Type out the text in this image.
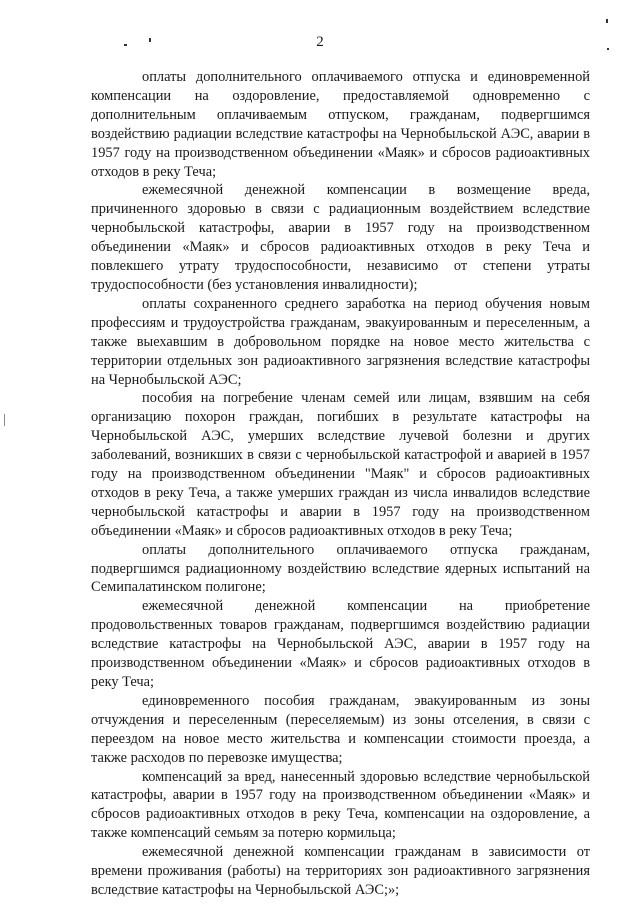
2

оплаты дополнительного оплачиваемого отпуска и единовременной компенсации на оздоровление, предоставляемой одновременно с дополнительным оплачиваемым отпуском, гражданам, подвергшимся воздействию радиации вследствие катастрофы на Чернобыльской АЭС, аварии в 1957 году на производственном объединении «Маяк» и сбросов радиоактивных отходов в реку Теча;

ежемесячной денежной компенсации в возмещение вреда, причиненного здоровью в связи с радиационным воздействием вследствие чернобыльской катастрофы, аварии в 1957 году на производственном объединении «Маяк» и сбросов радиоактивных отходов в реку Теча и повлекшего утрату трудоспособности, независимо от степени утраты трудоспособности (без установления инвалидности);

оплаты сохраненного среднего заработка на период обучения новым профессиям и трудоустройства гражданам, эвакуированным и переселенным, а также выехавшим в добровольном порядке на новое место жительства с территории отдельных зон радиоактивного загрязнения вследствие катастрофы на Чернобыльской АЭС;

пособия на погребение членам семей или лицам, взявшим на себя организацию похорон граждан, погибших в результате катастрофы на Чернобыльской АЭС, умерших вследствие лучевой болезни и других заболеваний, возникших в связи с чернобыльской катастрофой и аварией в 1957 году на производственном объединении "Маяк" и сбросов радиоактивных отходов в реку Теча, а также умерших граждан из числа инвалидов вследствие чернобыльской катастрофы и аварии в 1957 году на производственном объединении «Маяк» и сбросов радиоактивных отходов в реку Теча;

оплаты дополнительного оплачиваемого отпуска гражданам, подвергшимся радиационному воздействию вследствие ядерных испытаний на Семипалатинском полигоне;

ежемесячной денежной компенсации на приобретение продовольственных товаров гражданам, подвергшимся воздействию радиации вследствие катастрофы на Чернобыльской АЭС, аварии в 1957 году на производственном объединении «Маяк» и сбросов радиоактивных отходов в реку Теча;

единовременного пособия гражданам, эвакуированным из зоны отчуждения и переселенным (переселяемым) из зоны отселения, в связи с переездом на новое место жительства и компенсации стоимости проезда, а также расходов по перевозке имущества;

компенсаций за вред, нанесенный здоровью вследствие чернобыльской катастрофы, аварии в 1957 году на производственном объединении «Маяк» и сбросов радиоактивных отходов в реку Теча, компенсации на оздоровление, а также компенсаций семьям за потерю кормильца;

ежемесячной денежной компенсации гражданам в зависимости от времени проживания (работы) на территориях зон радиоактивного загрязнения вследствие катастрофы на Чернобыльской АЭС;»;
